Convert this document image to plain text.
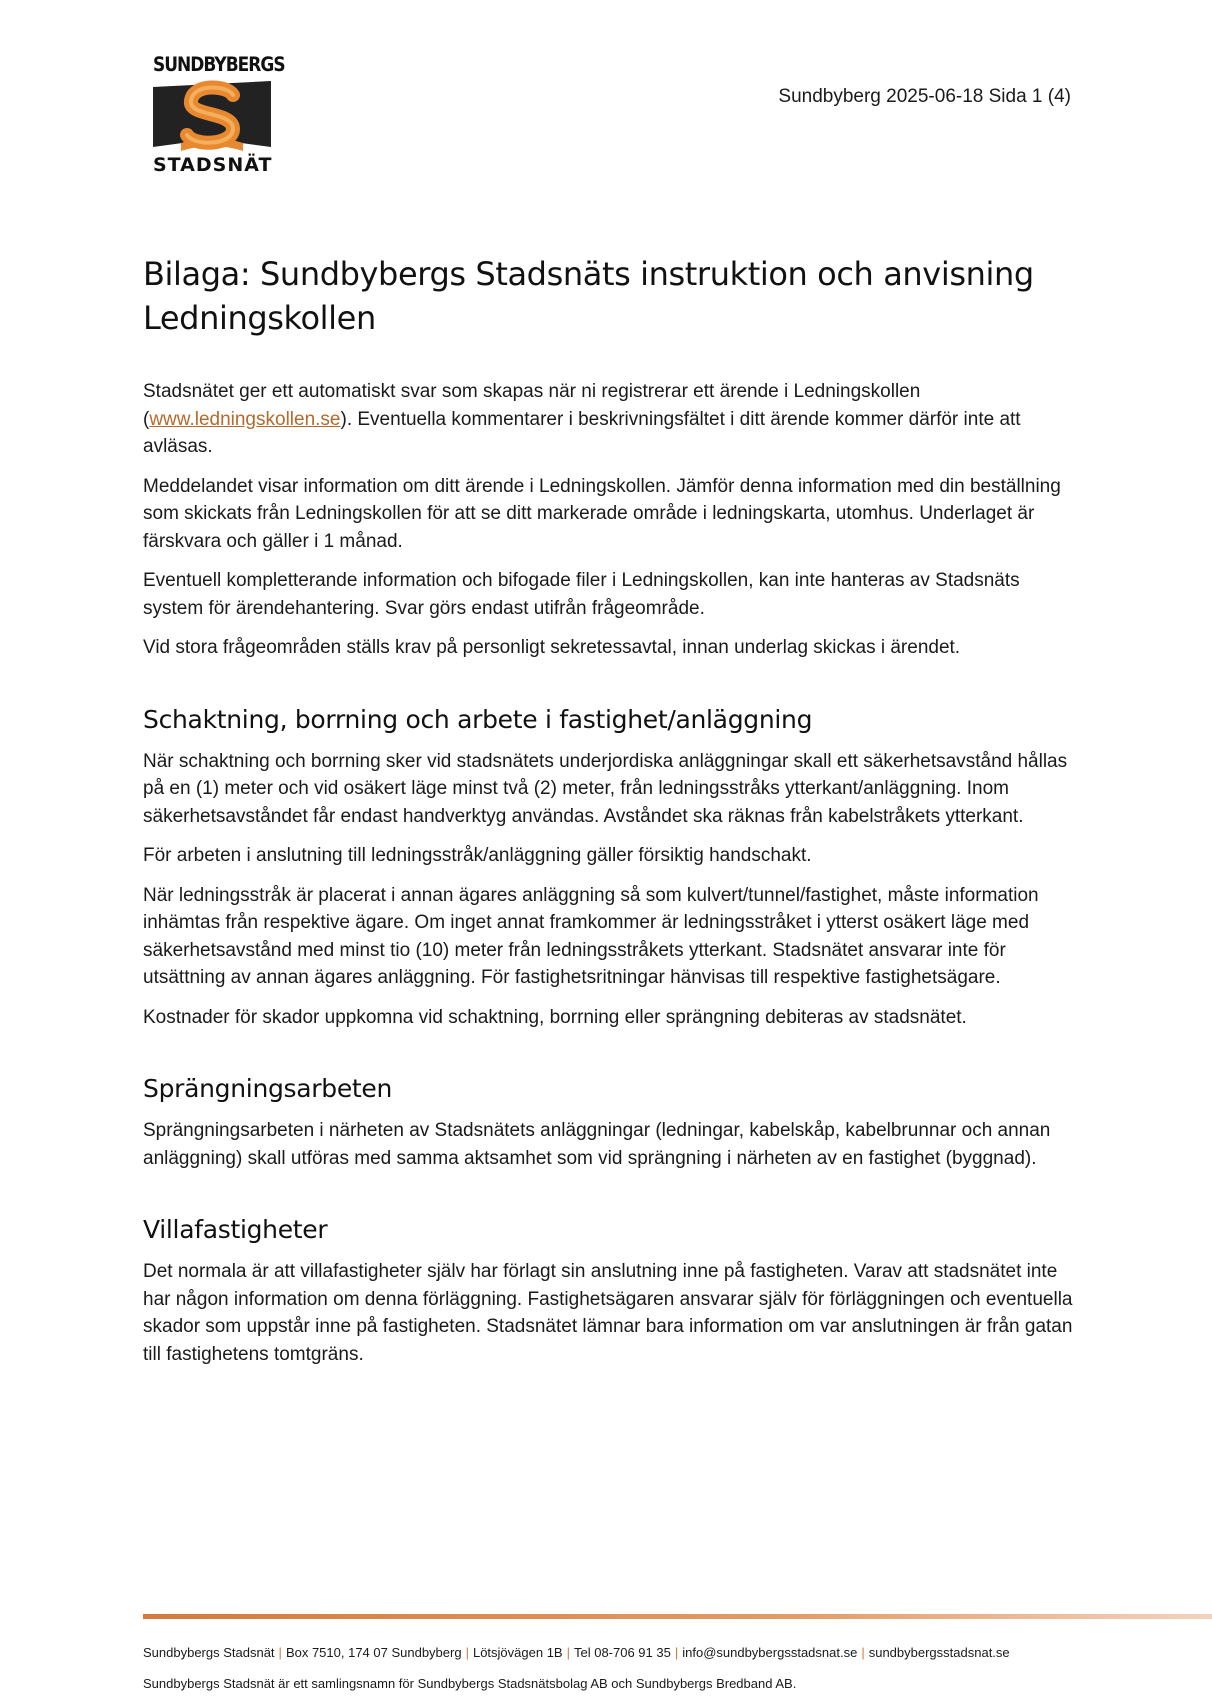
SUNDBYBERGS
STADSNÄT
Sundbyberg 2025-06-18 Sida 1 (4)
Bilaga: Sundbybergs Stadsnäts instruktion och anvisning Ledningskollen

Stadsnätet ger ett automatiskt svar som skapas när ni registrerar ett ärende i Ledningskollen (www.ledningskollen.se). Eventuella kommentarer i beskrivningsfältet i ditt ärende kommer därför inte att avläsas.

Meddelandet visar information om ditt ärende i Ledningskollen. Jämför denna information med din beställning som skickats från Ledningskollen för att se ditt markerade område i ledningskarta, utomhus. Underlaget är färskvara och gäller i 1 månad.

Eventuell kompletterande information och bifogade filer i Ledningskollen, kan inte hanteras av Stadsnäts system för ärendehantering. Svar görs endast utifrån frågeområde.

Vid stora frågeområden ställs krav på personligt sekretessavtal, innan underlag skickas i ärendet.

Schaktning, borrning och arbete i fastighet/anläggning

När schaktning och borrning sker vid stadsnätets underjordiska anläggningar skall ett säkerhetsavstånd hållas på en (1) meter och vid osäkert läge minst två (2) meter, från ledningsstråks ytterkant/anläggning. Inom säkerhetsavståndet får endast handverktyg användas. Avståndet ska räknas från kabelstråkets ytterkant.

För arbeten i anslutning till ledningsstråk/anläggning gäller försiktig handschakt.

När ledningsstråk är placerat i annan ägares anläggning så som kulvert/tunnel/fastighet, måste information inhämtas från respektive ägare. Om inget annat framkommer är ledningsstråket i ytterst osäkert läge med säkerhetsavstånd med minst tio (10) meter från ledningsstråkets ytterkant. Stadsnätet ansvarar inte för utsättning av annan ägares anläggning. För fastighetsritningar hänvisas till respektive fastighetsägare.

Kostnader för skador uppkomna vid schaktning, borrning eller sprängning debiteras av stadsnätet.

Sprängningsarbeten

Sprängningsarbeten i närheten av Stadsnätets anläggningar (ledningar, kabelskåp, kabelbrunnar och annan anläggning) skall utföras med samma aktsamhet som vid sprängning i närheten av en fastighet (byggnad).

Villafastigheter

Det normala är att villafastigheter själv har förlagt sin anslutning inne på fastigheten. Varav att stadsnätet inte har någon information om denna förläggning. Fastighetsägaren ansvarar själv för förläggningen och eventuella skador som uppstår inne på fastigheten. Stadsnätet lämnar bara information om var anslutningen är från gatan till fastighetens tomtgräns.

Sundbybergs Stadsnät | Box 7510, 174 07 Sundbyberg | Lötsjövägen 1B | Tel 08-706 91 35 | info@sundbybergsstadsnat.se | sundbybergsstadsnat.se
Sundbybergs Stadsnät är ett samlingsnamn för Sundbybergs Stadsnätsbolag AB och Sundbybergs Bredband AB.
